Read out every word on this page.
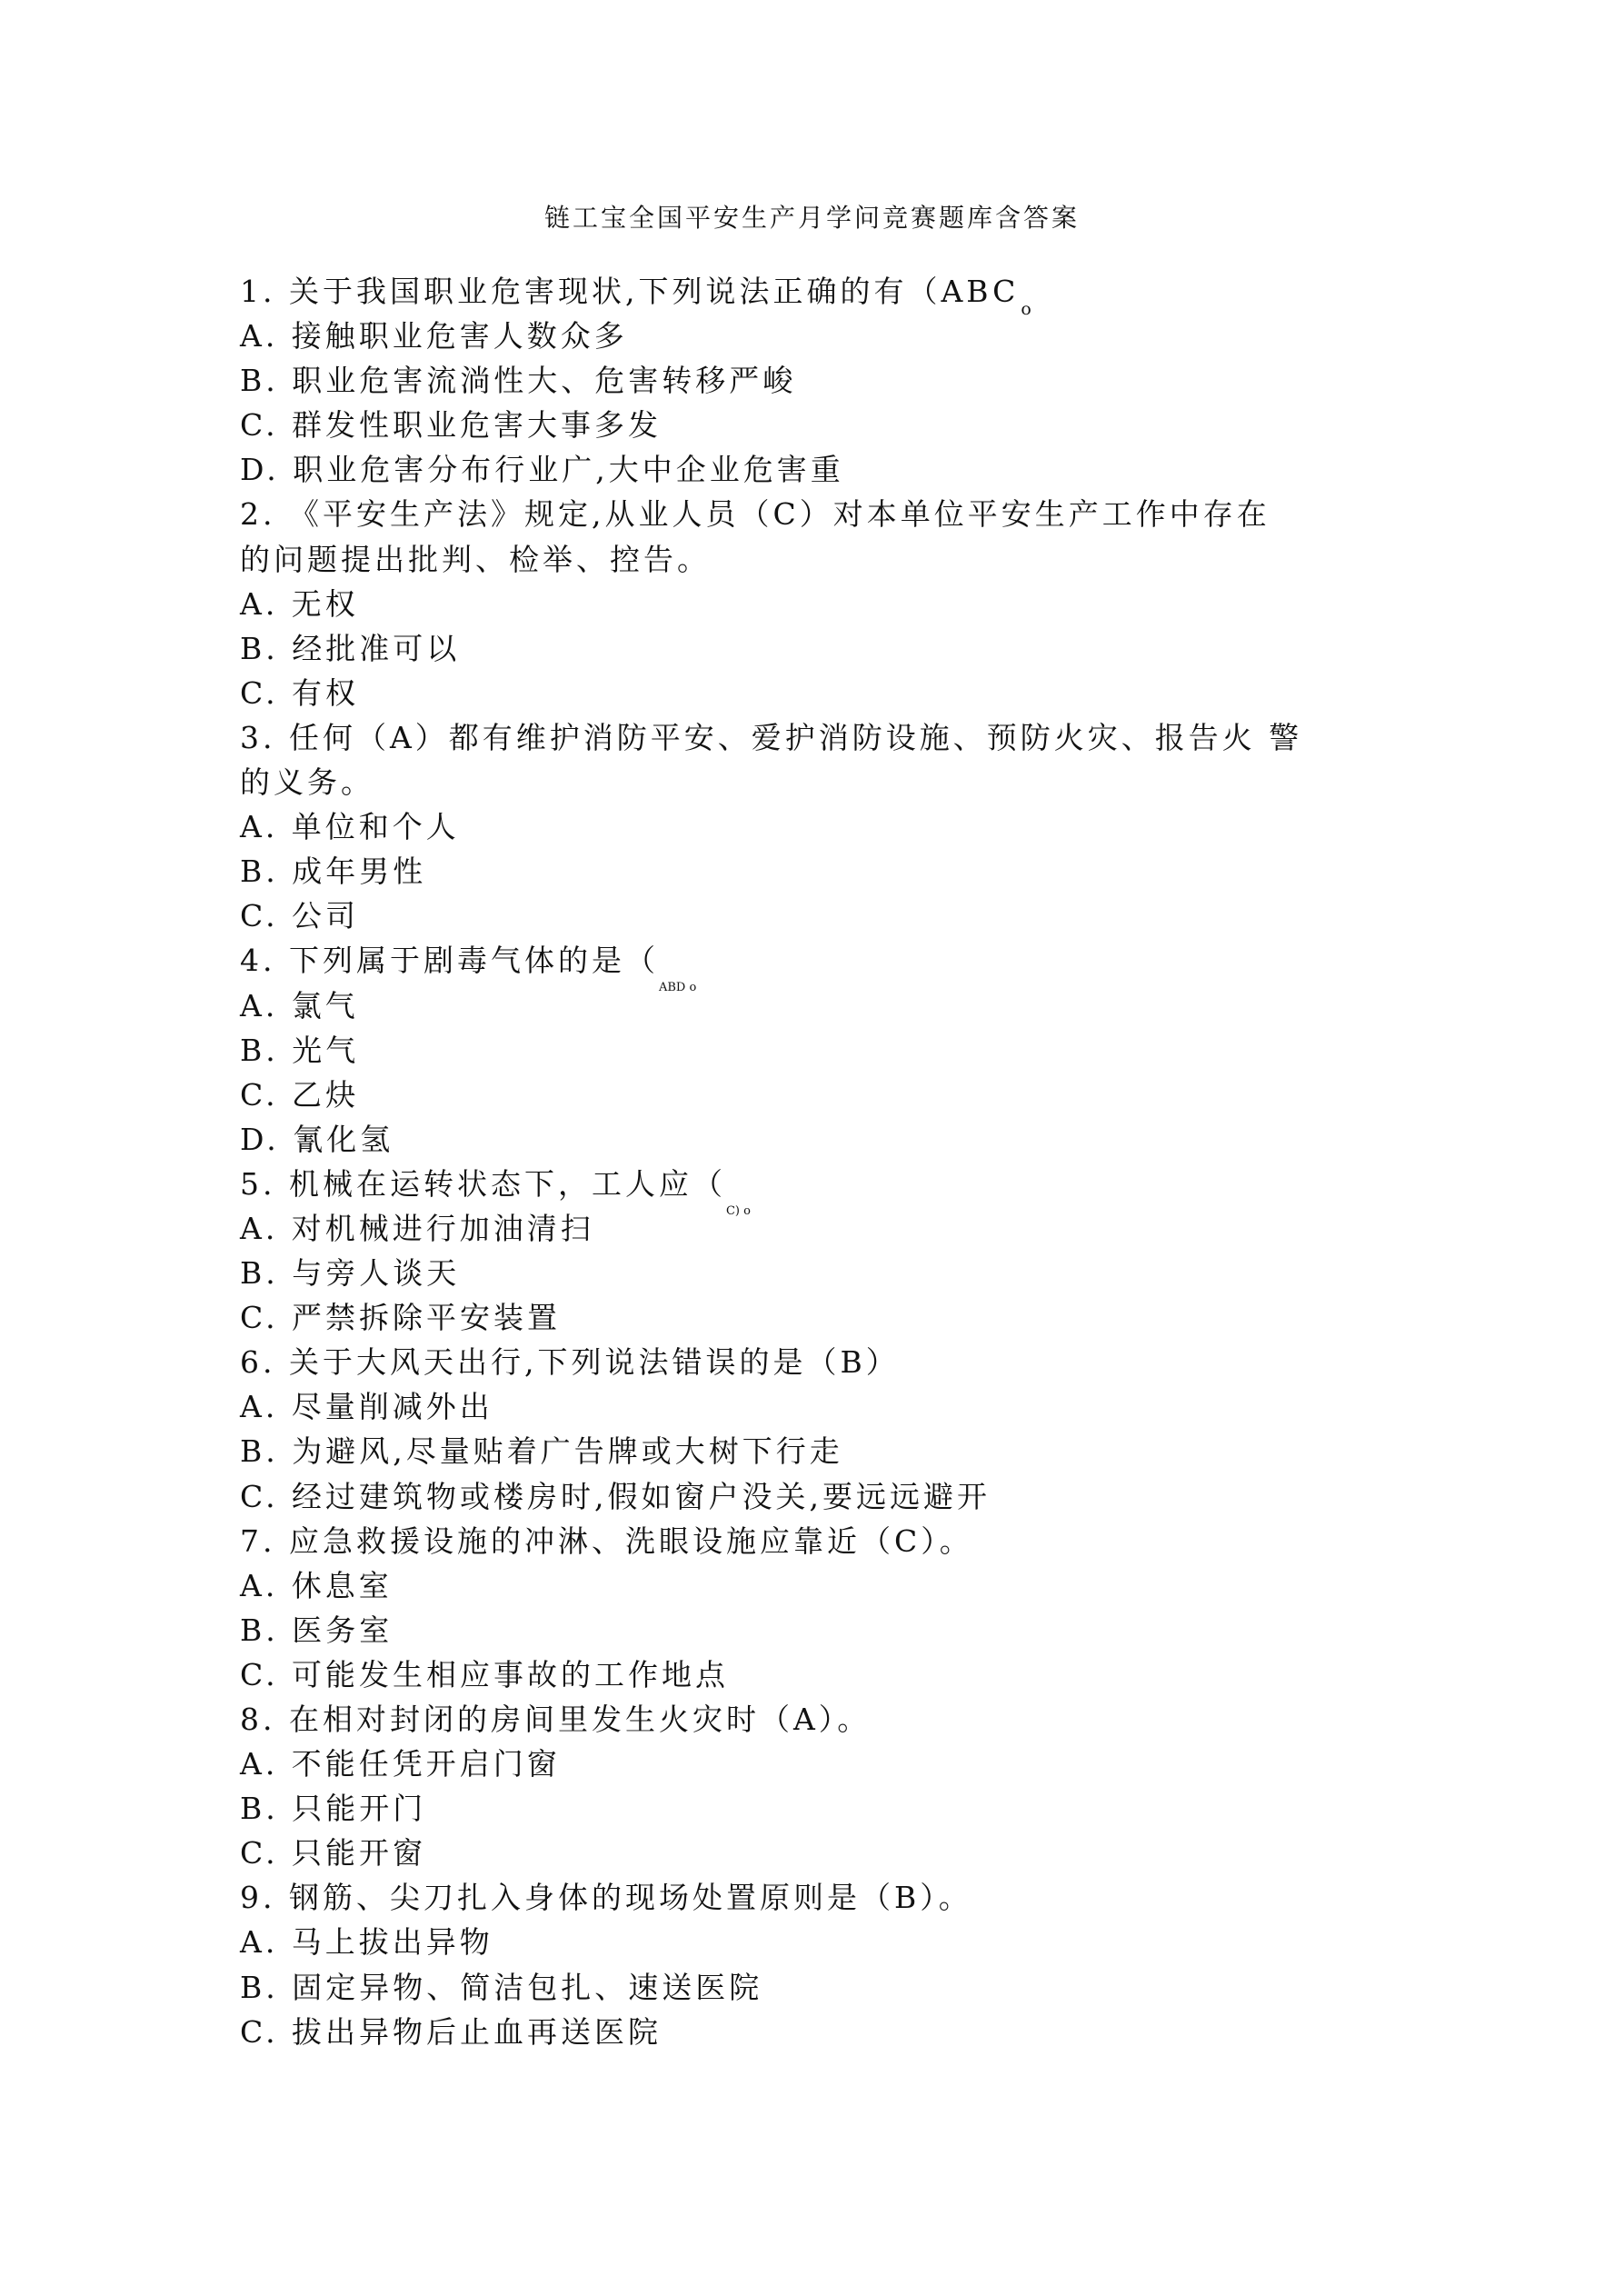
链工宝全国平安生产月学问竞赛题库含答案
1. 关于我国职业危害现状,下列说法正确的有（ABC o
A. 接触职业危害人数众多
B. 职业危害流淌性大、危害转移严峻
C. 群发性职业危害大事多发
D. 职业危害分布行业广,大中企业危害重
2. 《平安生产法》规定,从业人员（C）对本单位平安生产工作中存在
的问题提出批判、检举、控告。
A. 无权
B. 经批准可以
C. 有权
3. 任何（A）都有维护消防平安、爱护消防设施、预防火灾、报告火 警
的义务。
A. 单位和个人
B. 成年男性
C. 公司
4. 下列属于剧毒气体的是（ABD o
A. 氯气
B. 光气
C. 乙炔
D. 氰化氢
5. 机械在运转状态下，工人应（C) o
A. 对机械进行加油清扫
B. 与旁人谈天
C. 严禁拆除平安装置
6. 关于大风天出行,下列说法错误的是（B）
A. 尽量削减外出
B. 为避风,尽量贴着广告牌或大树下行走
C. 经过建筑物或楼房时,假如窗户没关,要远远避开
7. 应急救援设施的冲淋、洗眼设施应靠近（C）。
A. 休息室
B. 医务室
C. 可能发生相应事故的工作地点
8. 在相对封闭的房间里发生火灾时（A）。
A. 不能任凭开启门窗
B. 只能开门
C. 只能开窗
9. 钢筋、尖刀扎入身体的现场处置原则是（B）。
A. 马上拔出异物
B. 固定异物、简洁包扎、速送医院
C. 拔出异物后止血再送医院
